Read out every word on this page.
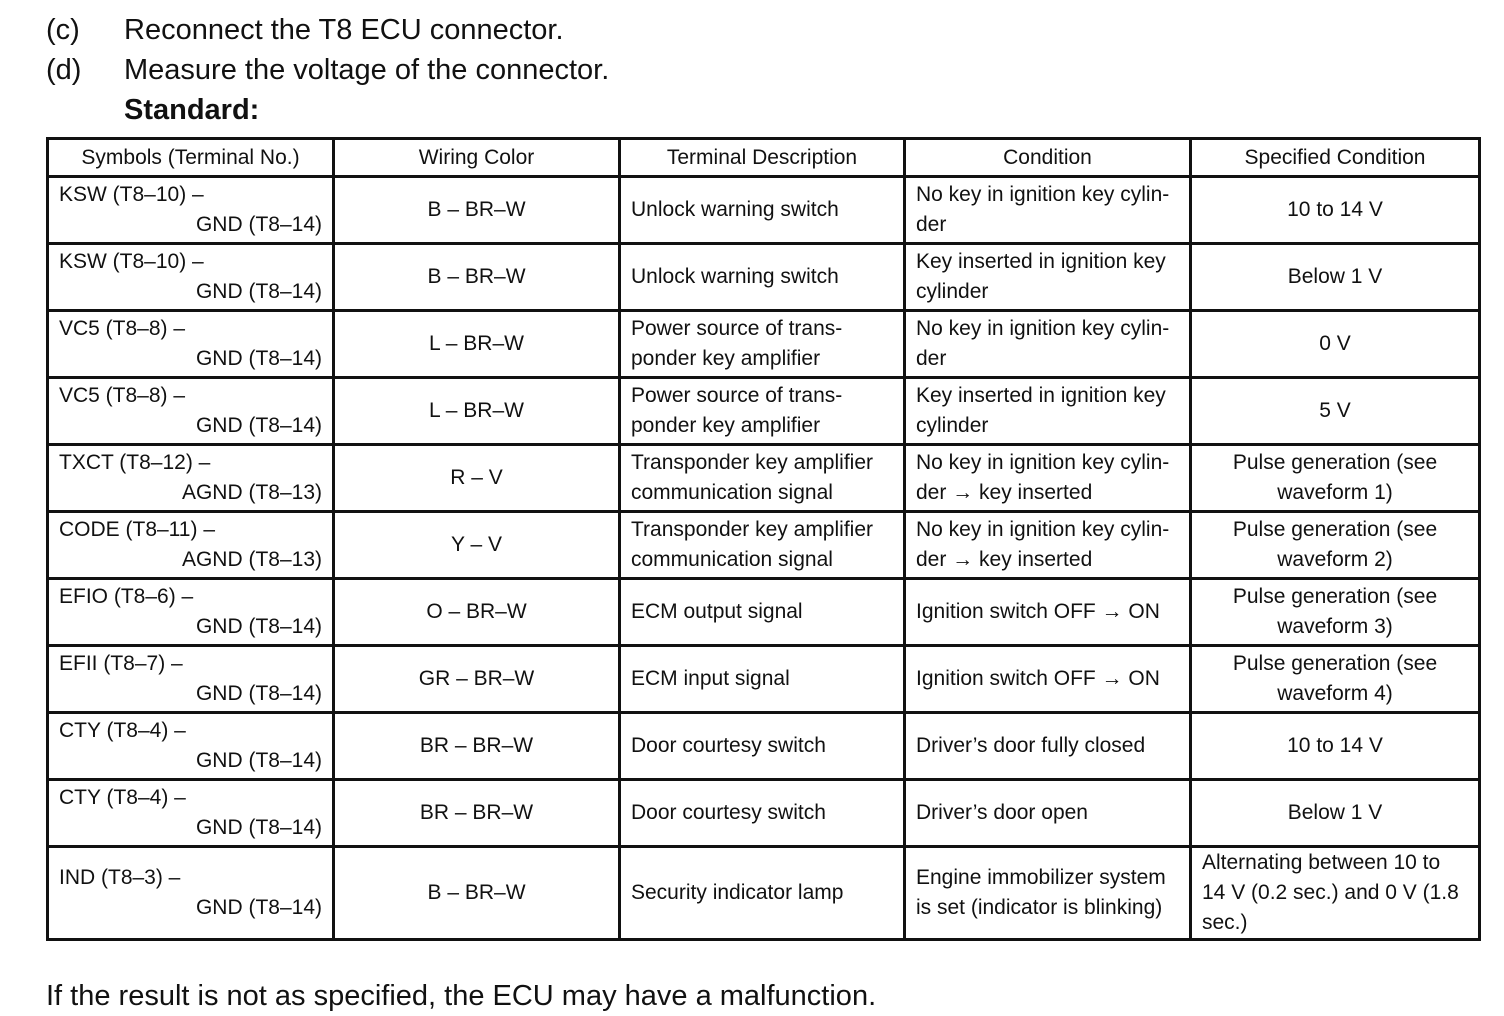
(c)	Reconnect the T8 ECU connector.
(d)	Measure the voltage of the connector.
Standard:
Symbols (Terminal No.)	Wiring Color	Terminal Description	Condition	Specified Condition

KSW (T8–10) –
GND (T8–14)	B – BR–W	Unlock warning switch	No key in ignition key cylin-der	10 to 14 V

KSW (T8–10) –
GND (T8–14)	B – BR–W	Unlock warning switch	Key inserted in ignition key cylinder	Below 1 V

VC5 (T8–8) –
GND (T8–14)	L – BR–W	Power source of trans-ponder key amplifier	No key in ignition key cylin-der	0 V

VC5 (T8–8) –
GND (T8–14)	L – BR–W	Power source of trans-ponder key amplifier	Key inserted in ignition key cylinder	5 V

TXCT (T8–12) –
AGND (T8–13)	R – V	Transponder key amplifier communication signal	No key in ignition key cylin-der → key inserted	Pulse generation (see waveform 1)

CODE (T8–11) –
AGND (T8–13)	Y – V	Transponder key amplifier communication signal	No key in ignition key cylin-der → key inserted	Pulse generation (see waveform 2)

EFIO (T8–6) –
GND (T8–14)	O – BR–W	ECM output signal	Ignition switch OFF → ON	Pulse generation (see waveform 3)

EFII (T8–7) –
GND (T8–14)	GR – BR–W	ECM input signal	Ignition switch OFF → ON	Pulse generation (see waveform 4)

CTY (T8–4) –
GND (T8–14)	BR – BR–W	Door courtesy switch	Driver’s door fully closed	10 to 14 V

CTY (T8–4) –
GND (T8–14)	BR – BR–W	Door courtesy switch	Driver’s door open	Below 1 V

IND (T8–3) –
GND (T8–14)	B – BR–W	Security indicator lamp	Engine immobilizer system is set (indicator is blinking)	Alternating between 10 to 14 V (0.2 sec.) and 0 V (1.8 sec.)
If the result is not as specified, the ECU may have a malfunction.
